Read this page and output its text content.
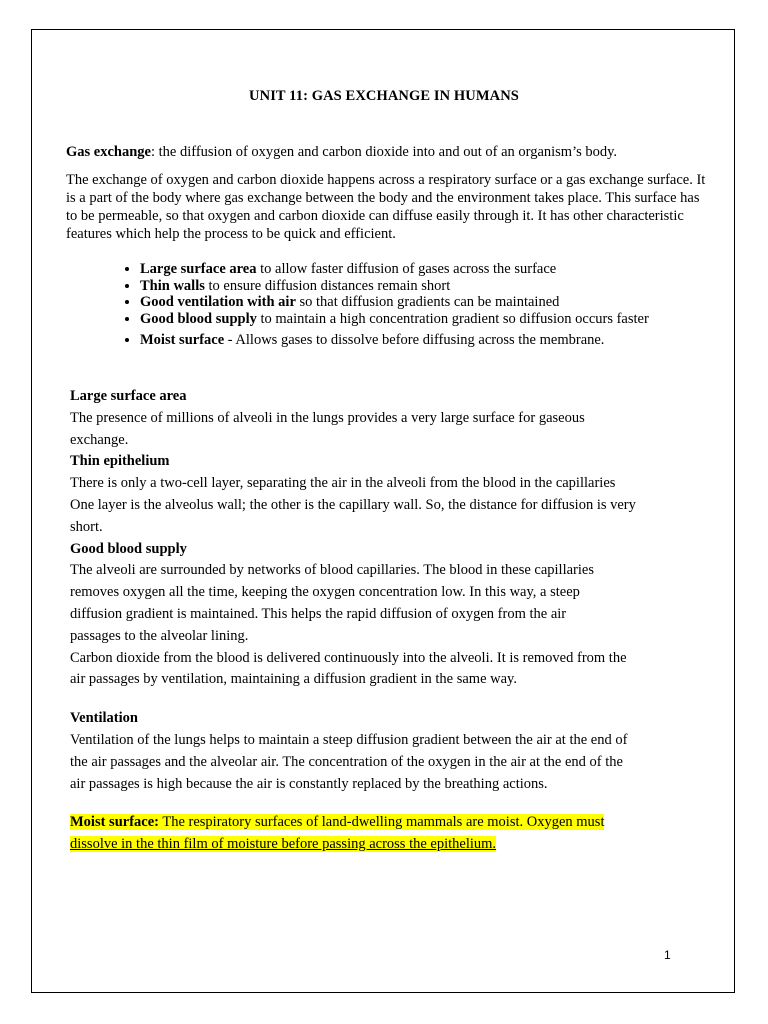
UNIT 11: GAS EXCHANGE IN HUMANS
Gas exchange: the diffusion of oxygen and carbon dioxide into and out of an organism’s body.
The exchange of oxygen and carbon dioxide happens across a respiratory surface or a gas exchange surface. It is a part of the body where gas exchange between the body and the environment takes place. This surface has to be permeable, so that oxygen and carbon dioxide can diffuse easily through it. It has other characteristic features which help the process to be quick and efficient.
• Large surface area to allow faster diffusion of gases across the surface
• Thin walls to ensure diffusion distances remain short
• Good ventilation with air so that diffusion gradients can be maintained
• Good blood supply to maintain a high concentration gradient so diffusion occurs faster
• Moist surface - Allows gases to dissolve before diffusing across the membrane.
Large surface area
The presence of millions of alveoli in the lungs provides a very large surface for gaseous
exchange.
Thin epithelium
There is only a two-cell layer, separating the air in the alveoli from the blood in the capillaries
One layer is the alveolus wall; the other is the capillary wall. So, the distance for diffusion is very
short.
Good blood supply
The alveoli are surrounded by networks of blood capillaries. The blood in these capillaries
removes oxygen all the time, keeping the oxygen concentration low. In this way, a steep
diffusion gradient is maintained. This helps the rapid diffusion of oxygen from the air
passages to the alveolar lining.
Carbon dioxide from the blood is delivered continuously into the alveoli. It is removed from the
air passages by ventilation, maintaining a diffusion gradient in the same way.
Ventilation
Ventilation of the lungs helps to maintain a steep diffusion gradient between the air at the end of
the air passages and the alveolar air. The concentration of the oxygen in the air at the end of the
air passages is high because the air is constantly replaced by the breathing actions.
Moist surface: The respiratory surfaces of land-dwelling mammals are moist. Oxygen must
dissolve in the thin film of moisture before passing across the epithelium.
1
